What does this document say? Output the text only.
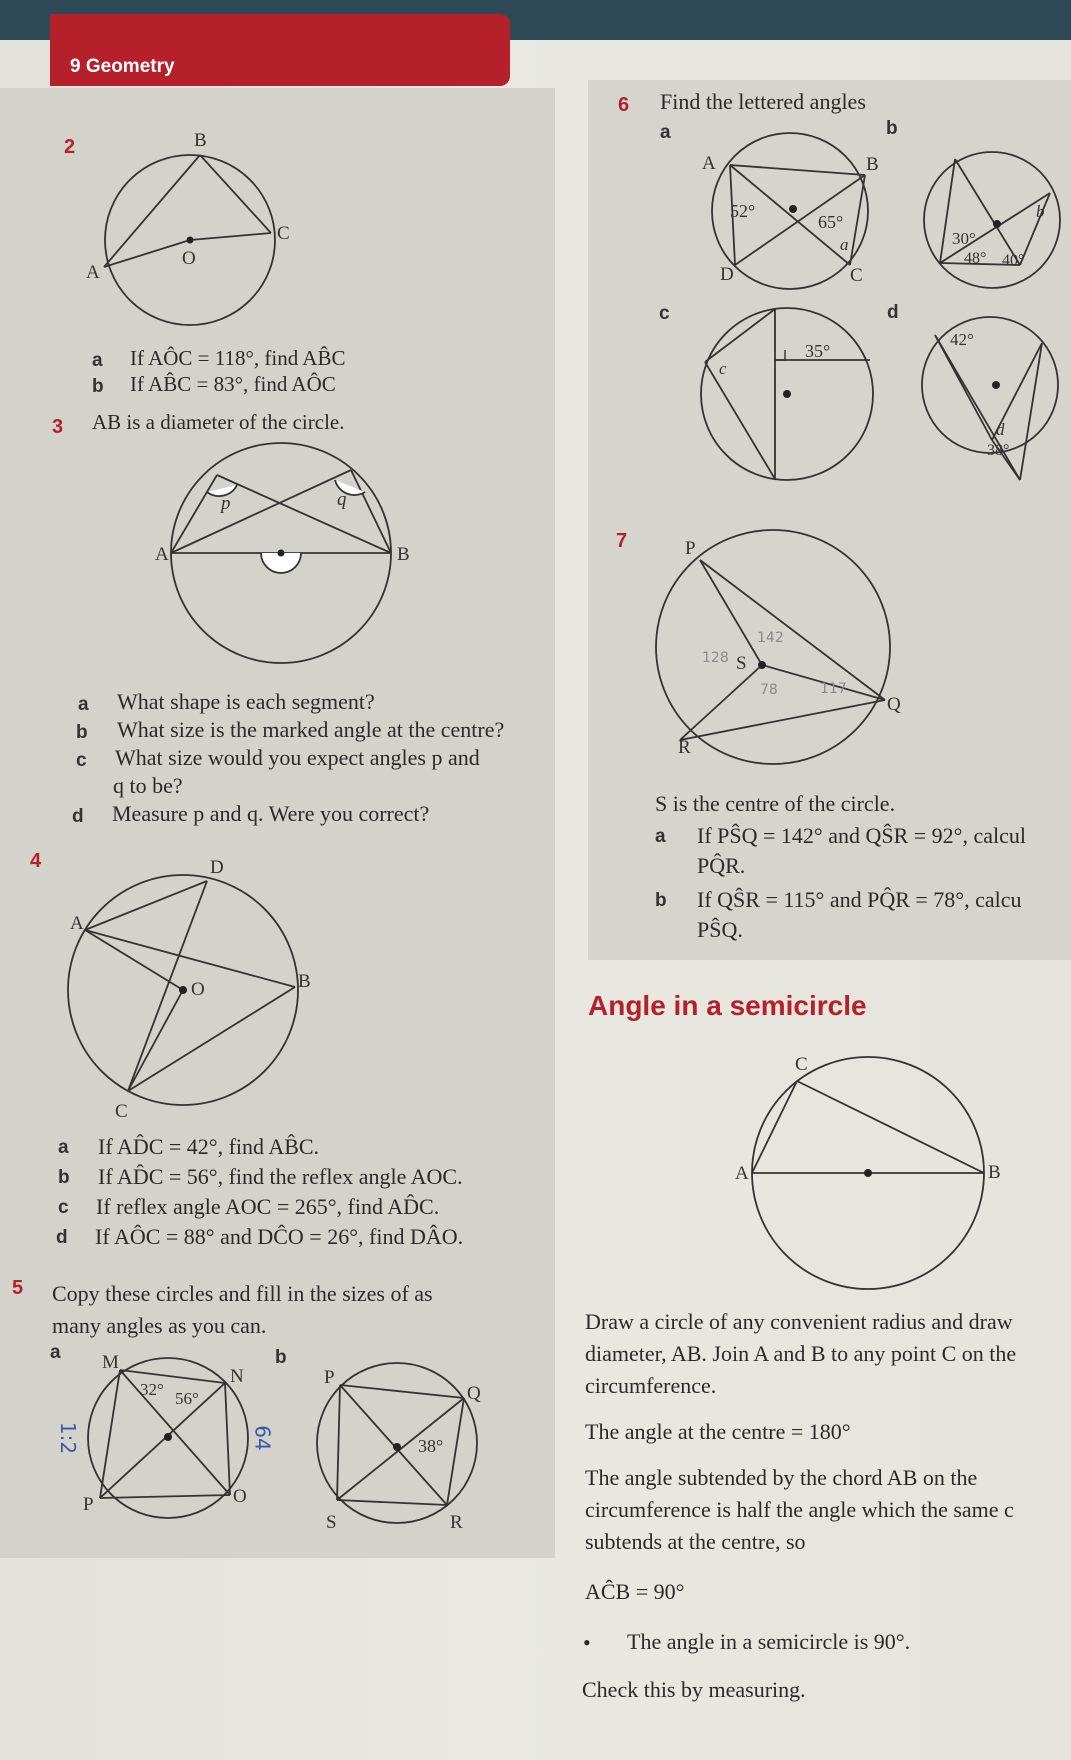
9 Geometry
2	B
A
C
O
a If AÔC = 118°, find AB̂C
b If AB̂C = 83°, find AÔC
3 AB is a diameter of the circle.
A	B
p	q
a What shape is each segment?
b What size is the marked angle at the centre?
c What size would you expect angles p and
q to be?
d Measure p and q. Were you correct?
4	D
A
B
C
O
a If AD̂C = 42°, find AB̂C.
b If AD̂C = 56°, find the reflex angle AOC.
c If reflex angle AOC = 265°, find AD̂C.
d If AÔC = 88° and DĈO = 26°, find DÂO.
5 Copy these circles and fill in the sizes of as
many angles as you can.
a	b
1:2	64
M
N
O
P
32° 56°
P
Q
R
S
38°
6 Find the lettered angles
a	b
A	B
C
D
52°
65°
a	30°
48° 40°
b
c	d
35°
c
42°
38°
d
7	P
Q
R
S
142
128
117
78
S is the centre of the circle.
a If PŜQ = 142° and QŜR = 92°, calcul
PQ̂R.
b If QŜR = 115° and PQ̂R = 78°, calcu
PŜQ.
Angle in a semicircle
A	B
C
Draw a circle of any convenient radius and draw
diameter, AB. Join A and B to any point C on the
circumference.
The angle at the centre = 180°
The angle subtended by the chord AB on the
circumference is half the angle which the same c
subtends at the centre, so
AĈB = 90°
• The angle in a semicircle is 90°.
Check this by measuring.
